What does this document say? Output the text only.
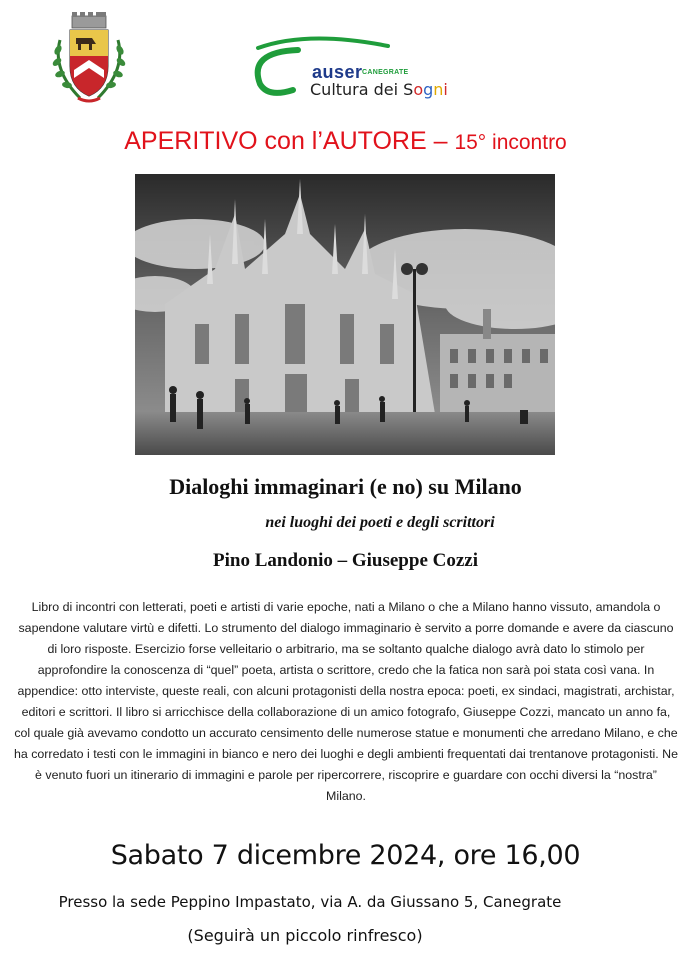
auser CANEGRATE
Cultura dei Sogni
APERITIVO con l’AUTORE – 15° incontro
Dialoghi immaginari (e no) su Milano
nei luoghi dei poeti e degli scrittori
Pino Landonio – Giuseppe Cozzi
Libro di incontri con letterati, poeti e artisti di varie epoche, nati a Milano o che a Milano hanno vissuto, amandola o sapendone valutare virtù e difetti. Lo strumento del dialogo immaginario è servito a porre domande e avere da ciascuno di loro risposte. Esercizio forse velleitario o arbitrario, ma se soltanto qualche dialogo avrà dato lo stimolo per approfondire la conoscenza di “quel” poeta, artista o scrittore, credo che la fatica non sarà poi stata così vana. In appendice: otto interviste, queste reali, con alcuni protagonisti della nostra epoca: poeti, ex sindaci, magistrati, archistar, editori e scrittori. Il libro si arricchisce della collaborazione di un amico fotografo, Giuseppe Cozzi, mancato un anno fa, col quale già avevamo condotto un accurato censimento delle numerose statue e monumenti che arredano Milano, e che ha corredato i testi con le immagini in bianco e nero dei luoghi e degli ambienti frequentati dai trentanove protagonisti. Ne è venuto fuori un itinerario di immagini e parole per ripercorrere, riscoprire e guardare con occhi diversi la “nostra” Milano.
Sabato 7 dicembre 2024, ore 16,00
Presso la sede Peppino Impastato, via A. da Giussano 5, Canegrate
(Seguirà un piccolo rinfresco)
